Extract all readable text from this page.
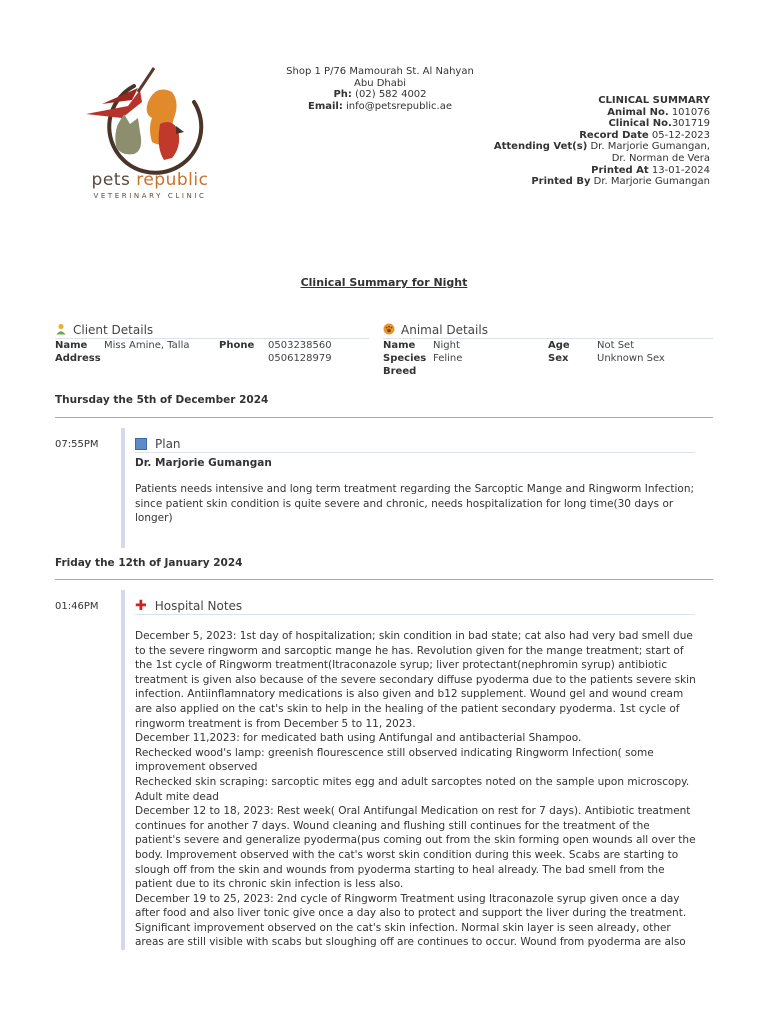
pets republic
VETERINARY CLINIC
Shop 1 P/76 Mamourah St. Al Nahyan
Abu Dhabi
Ph: (02) 582 4002
Email: info@petsrepublic.ae
CLINICAL SUMMARY
Animal No. 101076
Clinical No.301719
Record Date 05-12-2023
Attending Vet(s) Dr. Marjorie Gumangan,
Dr. Norman de Vera
Printed At 13-01-2024
Printed By Dr. Marjorie Gumangan
Clinical Summary for Night
Client Details
Name Miss Amine, Talla	Phone 0503238560
0506128979
Address
Animal Details
Name Night
Species Feline
Breed
Age	Not Set
Sex	Unknown Sex
Thursday the 5th of December 2024
07:55PM	Plan
Dr. Marjorie Gumangan
Patients needs intensive and long term treatment regarding the Sarcoptic Mange and Ringworm Infection;
since patient skin condition is quite severe and chronic, needs hospitalization for long time(30 days or
longer)
Friday the 12th of January 2024
01:46PM	✚ Hospital Notes
December 5, 2023: 1st day of hospitalization; skin condition in bad state; cat also had very bad smell due
to the severe ringworm and sarcoptic mange he has. Revolution given for the mange treatment; start of
the 1st cycle of Ringworm treatment(Itraconazole syrup; liver protectant(nephromin syrup) antibiotic
treatment is given also because of the severe secondary diffuse pyoderma due to the patients severe skin
infection. Antiinflamnatory medications is also given and b12 supplement. Wound gel and wound cream
are also applied on the cat's skin to help in the healing of the patient secondary pyoderma. 1st cycle of
ringworm treatment is from December 5 to 11, 2023.
December 11,2023: for medicated bath using Antifungal and antibacterial Shampoo.
Rechecked wood's lamp: greenish flourescence still observed indicating Ringworm Infection( some
improvement observed
Rechecked skin scraping: sarcoptic mites egg and adult sarcoptes noted on the sample upon microscopy.
Adult mite dead
December 12 to 18, 2023: Rest week( Oral Antifungal Medication on rest for 7 days). Antibiotic treatment
continues for another 7 days. Wound cleaning and flushing still continues for the treatment of the
patient's severe and generalize pyoderma(pus coming out from the skin forming open wounds all over the
body. Improvement observed with the cat's worst skin condition during this week. Scabs are starting to
slough off from the skin and wounds from pyoderma starting to heal already. The bad smell from the
patient due to its chronic skin infection is less also.
December 19 to 25, 2023: 2nd cycle of Ringworm Treatment using Itraconazole syrup given once a day
after food and also liver tonic give once a day also to protect and support the liver during the treatment.
Significant improvement observed on the cat's skin infection. Normal skin layer is seen already, other
areas are still visible with scabs but sloughing off are continues to occur. Wound from pyoderma are also
